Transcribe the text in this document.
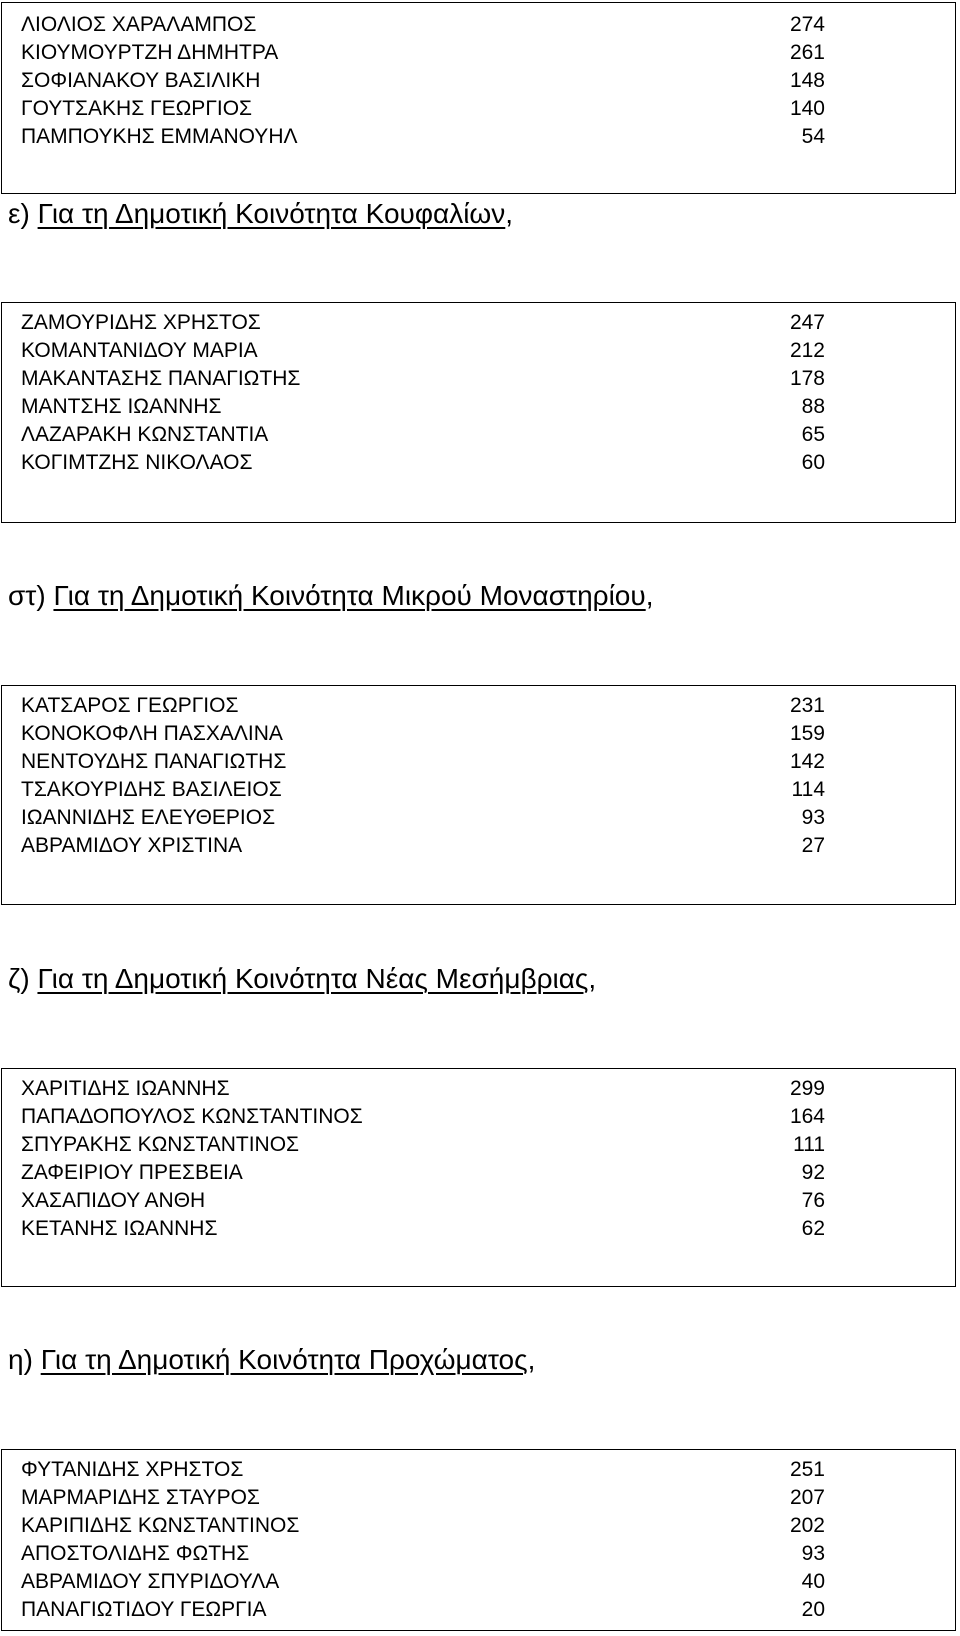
ΛΙΟΛΙΟΣ ΧΑΡΑΛΑΜΠΟΣ	274
ΚΙΟΥΜΟΥΡΤΖΗ ΔΗΜΗΤΡΑ	261
ΣΟΦΙΑΝΑΚΟΥ ΒΑΣΙΛΙΚΗ	148
ΓΟΥΤΣΑΚΗΣ ΓΕΩΡΓΙΟΣ	140
ΠΑΜΠΟΥΚΗΣ ΕΜΜΑΝΟΥΗΛ	54
ε) Για τη Δημοτική Κοινότητα Κουφαλίων,
ΖΑΜΟΥΡΙΔΗΣ ΧΡΗΣΤΟΣ	247
ΚΟΜΑΝΤΑΝΙΔΟΥ ΜΑΡΙΑ	212
ΜΑΚΑΝΤΑΣΗΣ ΠΑΝΑΓΙΩΤΗΣ	178
ΜΑΝΤΣΗΣ ΙΩΑΝΝΗΣ	88
ΛΑΖΑΡΑΚΗ ΚΩΝΣΤΑΝΤΙΑ	65
ΚΟΓΙΜΤΖΗΣ ΝΙΚΟΛΑΟΣ	60
στ) Για τη Δημοτική Κοινότητα Μικρού Μοναστηρίου,
ΚΑΤΣΑΡΟΣ ΓΕΩΡΓΙΟΣ	231
ΚΟΝΟΚΟΦΛΗ ΠΑΣΧΑΛΙΝΑ	159
ΝΕΝΤΟΥΔΗΣ ΠΑΝΑΓΙΩΤΗΣ	142
ΤΣΑΚΟΥΡΙΔΗΣ ΒΑΣΙΛΕΙΟΣ	114
ΙΩΑΝΝΙΔΗΣ ΕΛΕΥΘΕΡΙΟΣ	93
ΑΒΡΑΜΙΔΟΥ ΧΡΙΣΤΙΝΑ	27
ζ) Για τη Δημοτική Κοινότητα Νέας Μεσήμβριας,
ΧΑΡΙΤΙΔΗΣ ΙΩΑΝΝΗΣ	299
ΠΑΠΑΔΟΠΟΥΛΟΣ ΚΩΝΣΤΑΝΤΙΝΟΣ	164
ΣΠΥΡΑΚΗΣ ΚΩΝΣΤΑΝΤΙΝΟΣ	111
ΖΑΦΕΙΡΙΟΥ ΠΡΕΣΒΕΙΑ	92
ΧΑΣΑΠΙΔΟΥ ΑΝΘΗ	76
ΚΕΤΑΝΗΣ ΙΩΑΝΝΗΣ	62
η) Για τη Δημοτική Κοινότητα Προχώματος,
ΦΥΤΑΝΙΔΗΣ ΧΡΗΣΤΟΣ	251
ΜΑΡΜΑΡΙΔΗΣ ΣΤΑΥΡΟΣ	207
ΚΑΡΙΠΙΔΗΣ ΚΩΝΣΤΑΝΤΙΝΟΣ	202
ΑΠΟΣΤΟΛΙΔΗΣ ΦΩΤΗΣ	93
ΑΒΡΑΜΙΔΟΥ ΣΠΥΡΙΔΟΥΛΑ	40
ΠΑΝΑΓΙΩΤΙΔΟΥ ΓΕΩΡΓΙΑ	20
